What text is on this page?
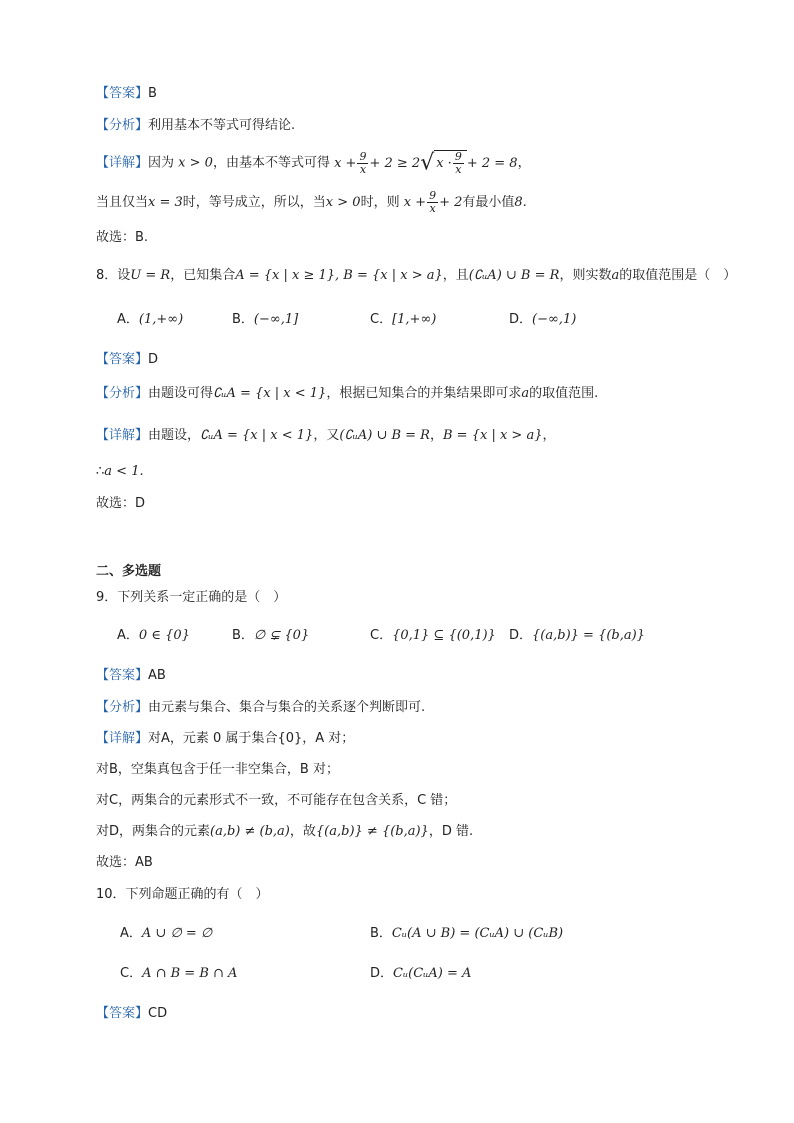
【答案】B
【分析】利用基本不等式可得结论.
【详解】因为 x > 0，由基本不等式可得 $x + \frac{9}{x} + 2 \ge 2√$ $x \cdot \frac{9}{x} + 2 = 8$，
当且仅当x = 3时，等号成立，所以，当x > 0时，则 $x + \frac{9}{x} + 2$有最小值8.
故选：B.
8．设U = R，已知集合A = {x | x ≥ 1}, B = {x | x > a}，且(∁ᵤA) ∪ B = R，则实数a的取值范围是（　）
A．(1,+∞)	B．(−∞,1]	C．[1,+∞)	D．(−∞,1)
【答案】D
【分析】由题设可得∁ᵤA = {x | x < 1}，根据已知集合的并集结果即可求a的取值范围.
【详解】由题设，∁ᵤA = {x | x < 1}，又(∁ᵤA) ∪ B = R，B = {x | x > a}，
∴a < 1.
故选：D
二、多选题
9．下列关系一定正确的是（　）
A．0 ∈ {0}	B．∅ ⊊ {0}	C．{0,1} ⊆ {(0,1)} D．{(a,b)} = {(b,a)}
【答案】AB
【分析】由元素与集合、集合与集合的关系逐个判断即可.
【详解】对A，元素 0 属于集合{0}，A 对；
对B，空集真包含于任一非空集合，B 对；
对C，两集合的元素形式不一致，不可能存在包含关系，C 错；
对D，两集合的元素(a,b) ≠ (b,a)，故{(a,b)} ≠ {(b,a)}，D 错.
故选：AB
10．下列命题正确的有（　）
A．A ∪ ∅ = ∅	B．Cᵤ(A ∪ B) = (CᵤA) ∪ (CᵤB)
C．A ∩ B = B ∩ A	D．Cᵤ(CᵤA) = A
【答案】CD
